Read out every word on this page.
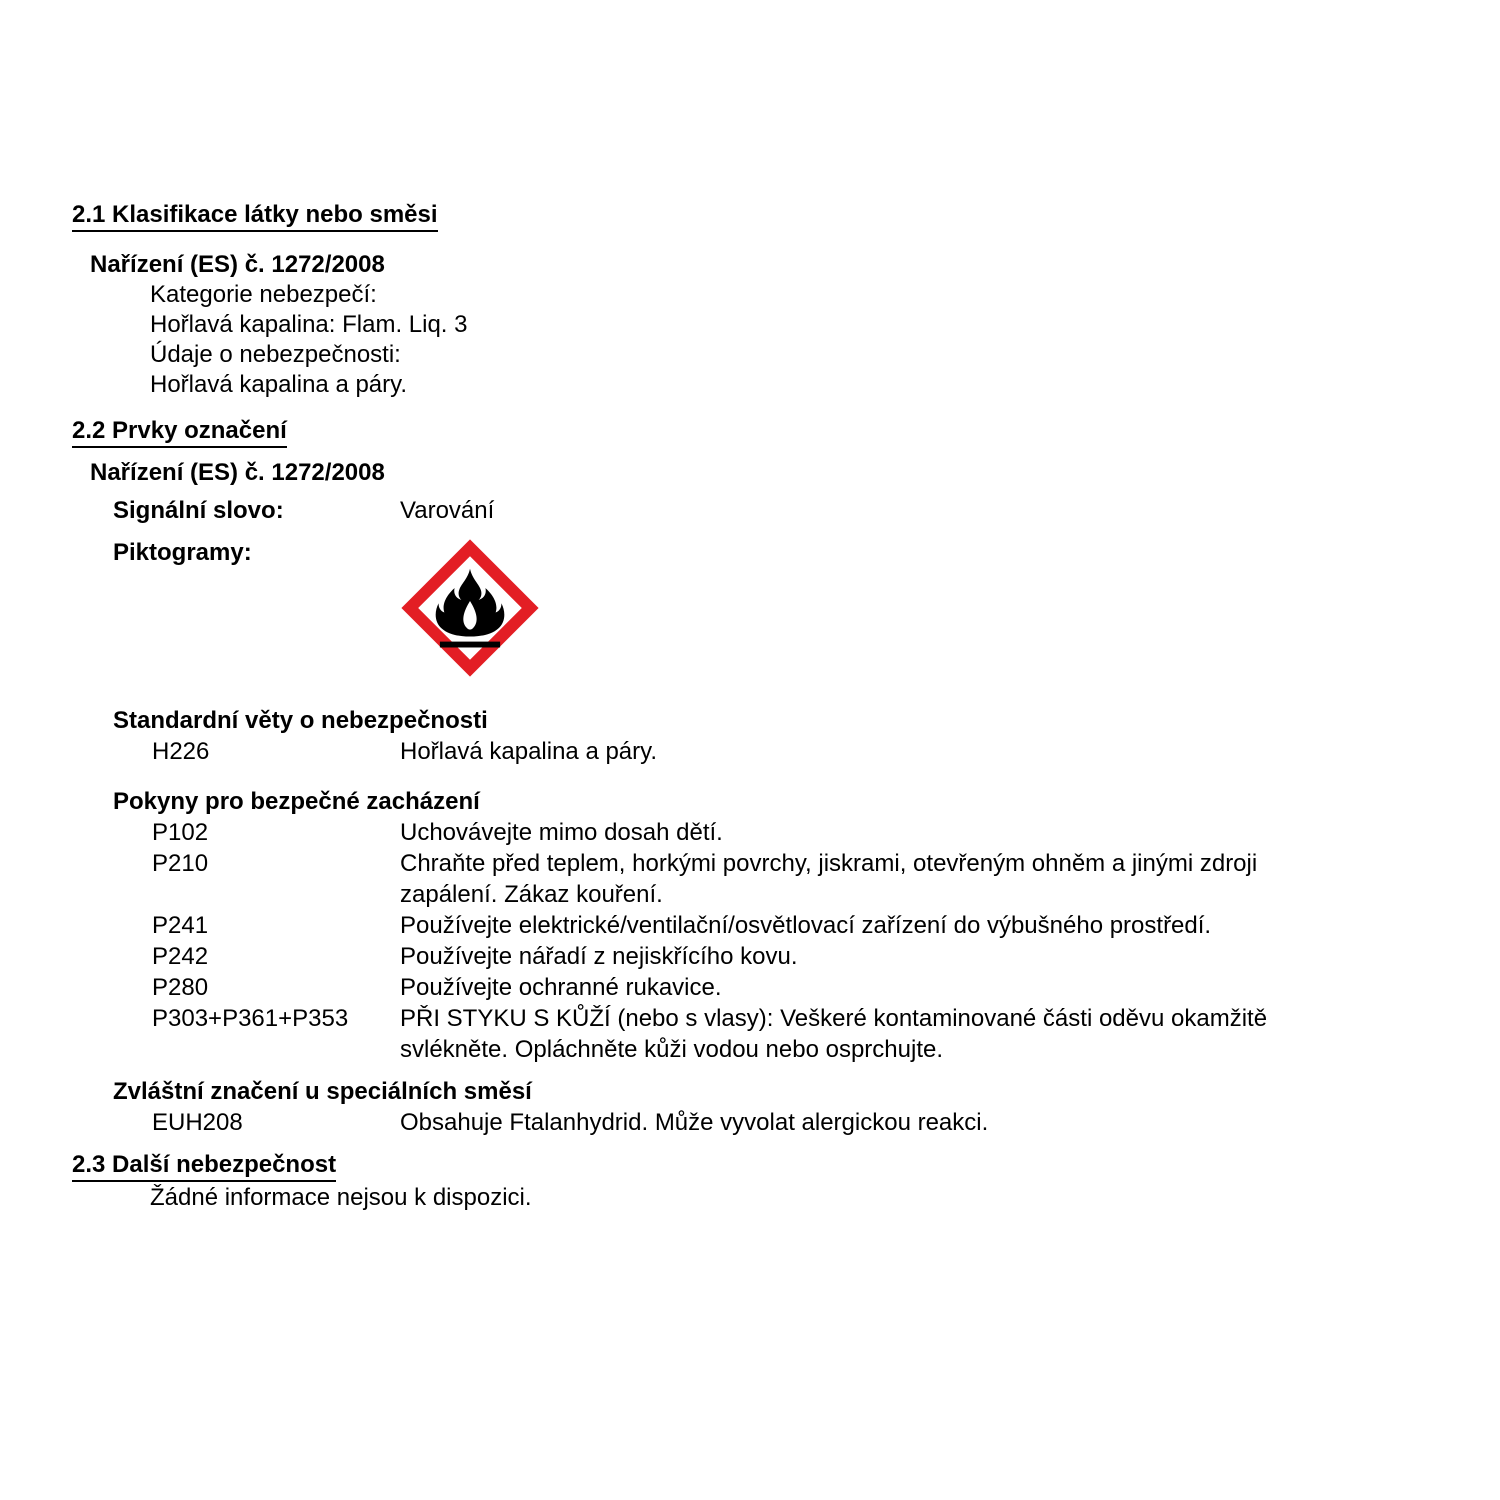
2.1 Klasifikace látky nebo směsi
Nařízení (ES) č. 1272/2008
Kategorie nebezpečí:
Hořlavá kapalina: Flam. Liq. 3
Údaje o nebezpečnosti:
Hořlavá kapalina a páry.
2.2 Prvky označení
Nařízení (ES) č. 1272/2008
Signální slovo:	Varování
Piktogramy:
Standardní věty o nebezpečnosti
H226	Hořlavá kapalina a páry.
Pokyny pro bezpečné zacházení
P102	Uchovávejte mimo dosah dětí.
P210	Chraňte před teplem, horkými povrchy, jiskrami, otevřeným ohněm a jinými zdroji zapálení. Zákaz kouření.
P241	Používejte elektrické/ventilační/osvětlovací zařízení do výbušného prostředí.
P242	Používejte nářadí z nejiskřícího kovu.
P280	Používejte ochranné rukavice.
P303+P361+P353	PŘI STYKU S KŮŽÍ (nebo s vlasy): Veškeré kontaminované části oděvu okamžitě svlékněte. Opláchněte kůži vodou nebo osprchujte.
Zvláštní značení u speciálních směsí
EUH208	Obsahuje Ftalanhydrid. Může vyvolat alergickou reakci.
2.3 Další nebezpečnost
Žádné informace nejsou k dispozici.
